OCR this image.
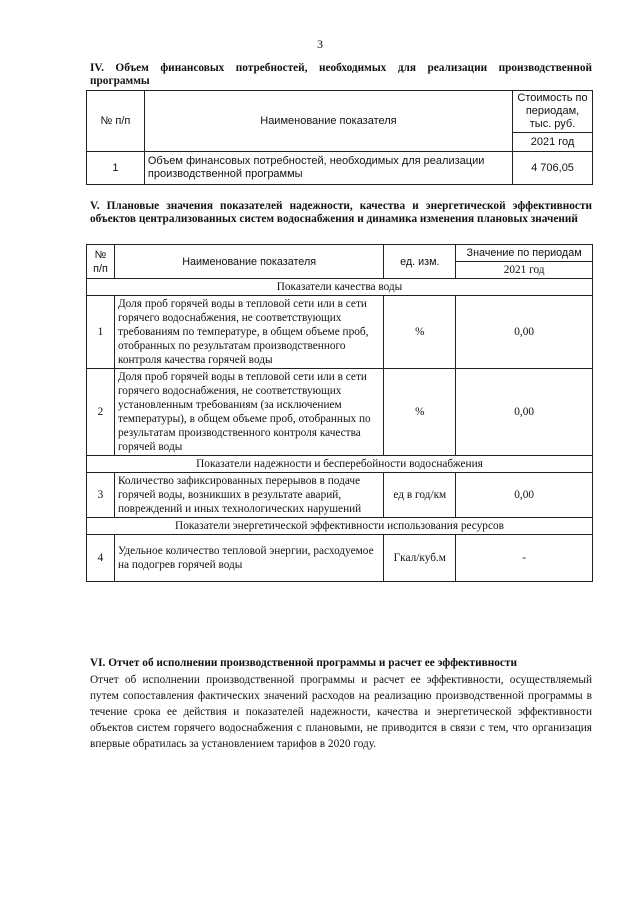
3
IV. Объем финансовых потребностей, необходимых для реализации производственной программы
№ п/п	Наименование показателя	Стоимость по периодам, тыс. руб.
		2021 год
1	Объем финансовых потребностей, необходимых для реализации производственной программы	4 706,05
V. Плановые значения показателей надежности, качества и энергетической эффективности объектов централизованных систем водоснабжения и динамика изменения плановых значений
№ п/п	Наименование показателя	ед. изм.	Значение по периодам
			2021 год
Показатели качества воды			
1	Доля проб горячей воды в тепловой сети или в сети горячего водоснабжения, не соответствующих требованиям по температуре, в общем объеме проб, отобранных по результатам производственного контроля качества горячей воды	%	0,00
2	Доля проб горячей воды в тепловой сети или в сети горячего водоснабжения, не соответствующих установленным требованиям (за исключением температуры), в общем объеме проб, отобранных по результатам производственного контроля качества горячей воды	%	0,00
Показатели надежности и бесперебойности водоснабжения			
3	Количество зафиксированных перерывов в подаче горячей воды, возникших в результате аварий, повреждений и иных технологических нарушений	ед в год/км	0,00
Показатели энергетической эффективности использования ресурсов			
4	Удельное количество тепловой энергии, расходуемое на подогрев горячей воды	Гкал/куб.м	-
VI. Отчет об исполнении производственной программы и расчет ее эффективности
Отчет об исполнении производственной программы и расчет ее эффективности, осуществляемый путем сопоставления фактических значений расходов на реализацию производственной программы в течение срока ее действия и показателей надежности, качества и энергетической эффективности объектов систем горячего водоснабжения с плановыми, не приводится в связи с тем, что организация впервые обратилась за установлением тарифов в 2020 году.
